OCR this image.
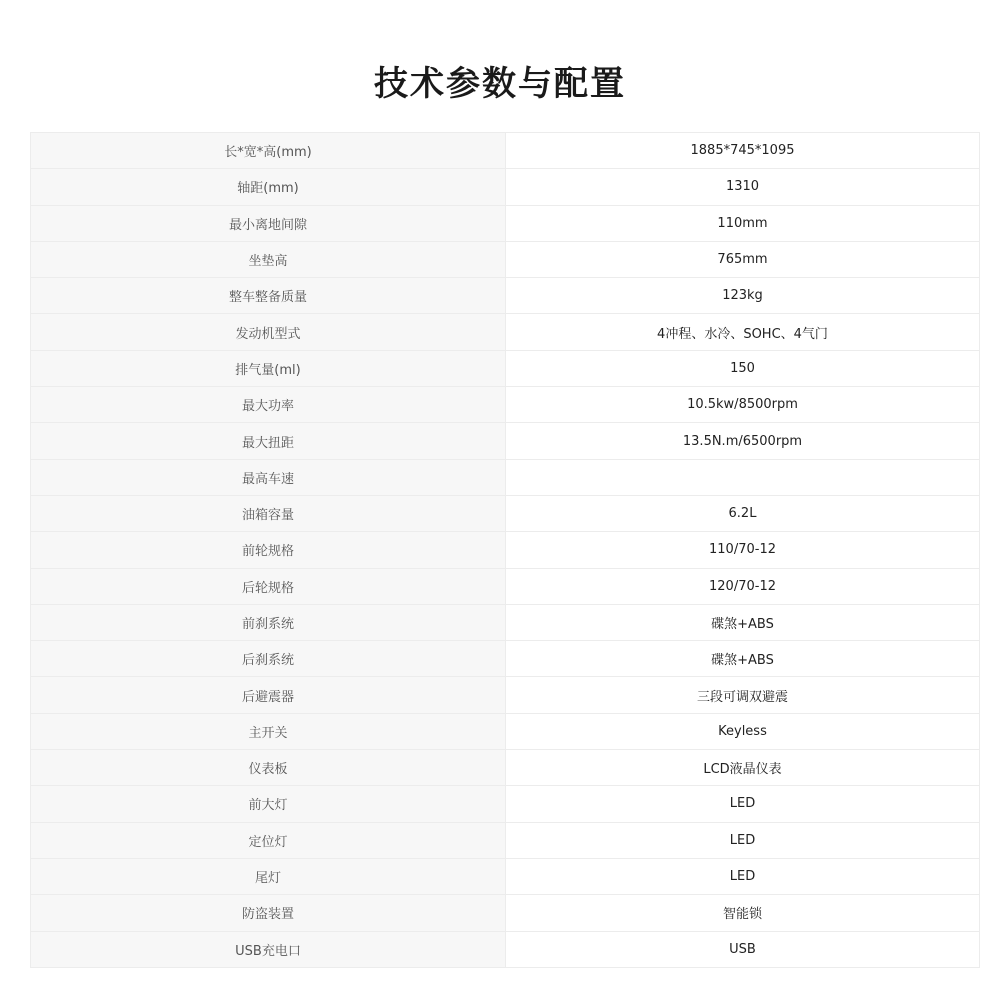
技术参数与配置
长*宽*高(mm)	1885*745*1095
轴距(mm)	1310
最小离地间隙	110mm
坐垫高	765mm
整车整备质量	123kg
发动机型式	4冲程、水冷、SOHC、4气门
排气量(ml)	150
最大功率	10.5kw/8500rpm
最大扭距	13.5N.m/6500rpm
最高车速	
油箱容量	6.2L
前轮规格	110/70-12
后轮规格	120/70-12
前刹系统	碟煞+ABS
后刹系统	碟煞+ABS
后避震器	三段可调双避震
主开关	Keyless
仪表板	LCD液晶仪表
前大灯	LED
定位灯	LED
尾灯	LED
防盗装置	智能锁
USB充电口	USB
